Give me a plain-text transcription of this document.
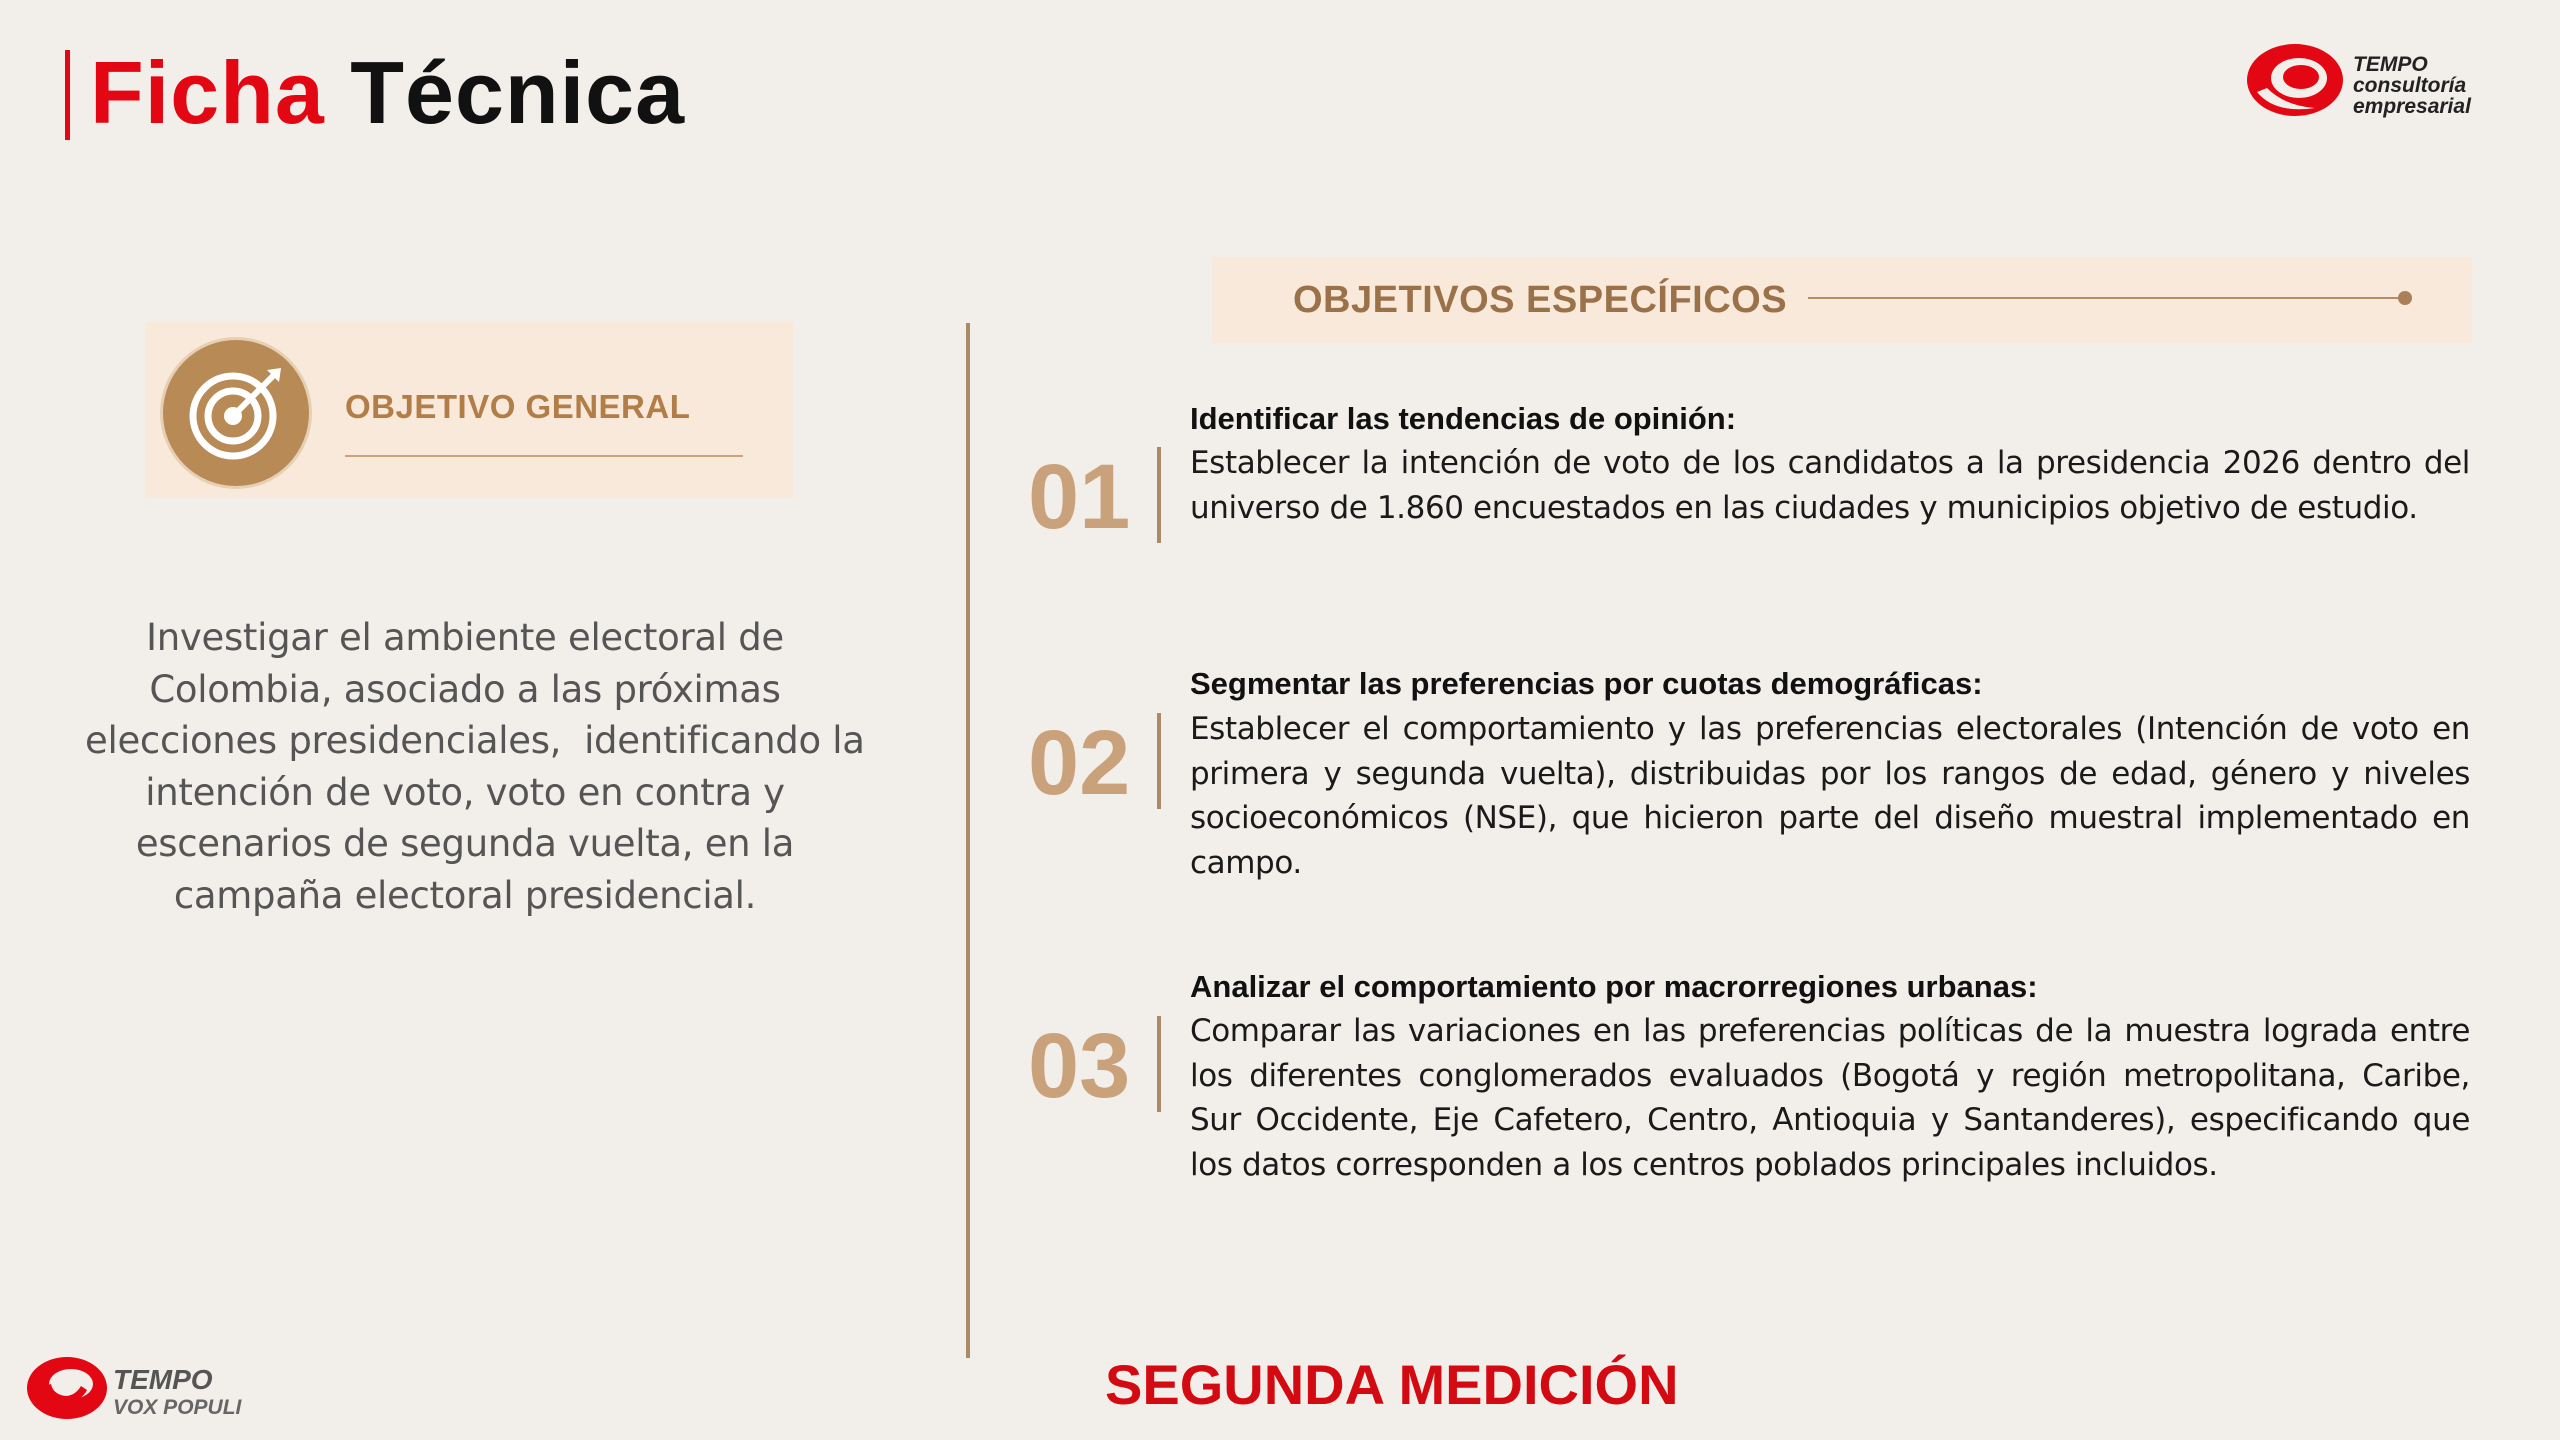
Ficha Técnica	TEMPO
consultoría
empresarial
OBJETIVO GENERAL
Investigar el ambiente electoral de
Colombia, asociado a las próximas
elecciones presidenciales,  identificando la
intención de voto, voto en contra y
escenarios de segunda vuelta, en la
campaña electoral presidencial.
OBJETIVOS ESPECÍFICOS
01
Identificar las tendencias de opinión:
Establecer la intención de voto de los candidatos a la presidencia 2026 dentro del universo de 1.860 encuestados en las ciudades y municipios objetivo de estudio.
02
Segmentar las preferencias por cuotas demográficas:
Establecer el comportamiento y las preferencias electorales (Intención de voto en primera y segunda vuelta), distribuidas por los rangos de edad, género y niveles socioeconómicos (NSE), que hicieron parte del diseño muestral implementado en campo.
03
Analizar el comportamiento por macrorregiones urbanas:
Comparar las variaciones en las preferencias políticas de la muestra lograda entre los diferentes conglomerados evaluados (Bogotá y región metropolitana, Caribe, Sur Occidente, Eje Cafetero, Centro, Antioquia y Santanderes), especificando que los datos corresponden a los centros poblados principales incluidos.
TEMPO
VOX POPULI	SEGUNDA MEDICIÓN
